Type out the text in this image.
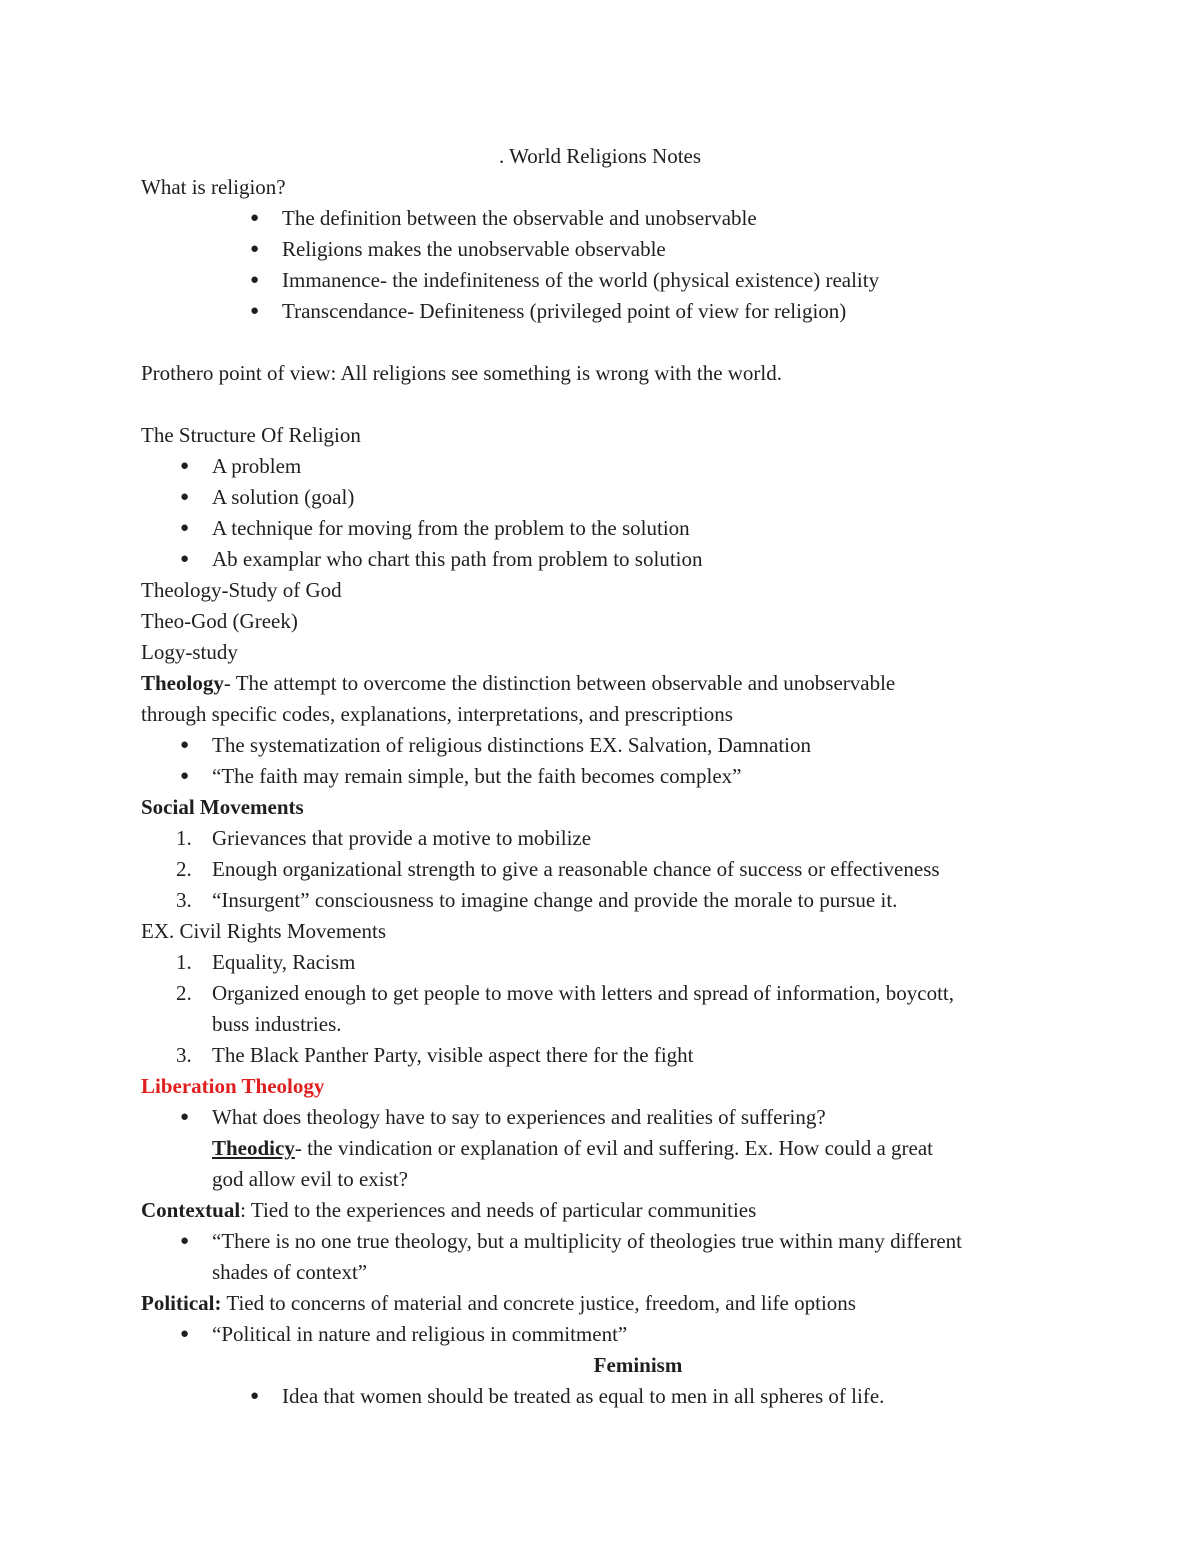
. World Religions Notes
What is religion?
● The definition between the observable and unobservable
● Religions makes the unobservable observable
● Immanence- the indefiniteness of the world (physical existence) reality
● Transcendance- Definiteness (privileged point of view for religion)
Prothero point of view: All religions see something is wrong with the world.
The Structure Of Religion
● A problem
● A solution (goal)
● A technique for moving from the problem to the solution
● Ab examplar who chart this path from problem to solution
Theology-Study of God
Theo-God (Greek)
Logy-study
Theology- The attempt to overcome the distinction between observable and unobservable
through specific codes, explanations, interpretations, and prescriptions
● The systematization of religious distinctions EX. Salvation, Damnation
● “The faith may remain simple, but the faith becomes complex”
Social Movements
1. Grievances that provide a motive to mobilize
2. Enough organizational strength to give a reasonable chance of success or effectiveness
3. “Insurgent” consciousness to imagine change and provide the morale to pursue it.
EX. Civil Rights Movements
1. Equality, Racism
2. Organized enough to get people to move with letters and spread of information, boycott,
buss industries.
3. The Black Panther Party, visible aspect there for the fight
Liberation Theology
● What does theology have to say to experiences and realities of suffering?
Theodicy- the vindication or explanation of evil and suffering. Ex. How could a great
god allow evil to exist?
Contextual: Tied to the experiences and needs of particular communities
● “There is no one true theology, but a multiplicity of theologies true within many different
shades of context”
Political: Tied to concerns of material and concrete justice, freedom, and life options
● “Political in nature and religious in commitment”
Feminism
● Idea that women should be treated as equal to men in all spheres of life.
